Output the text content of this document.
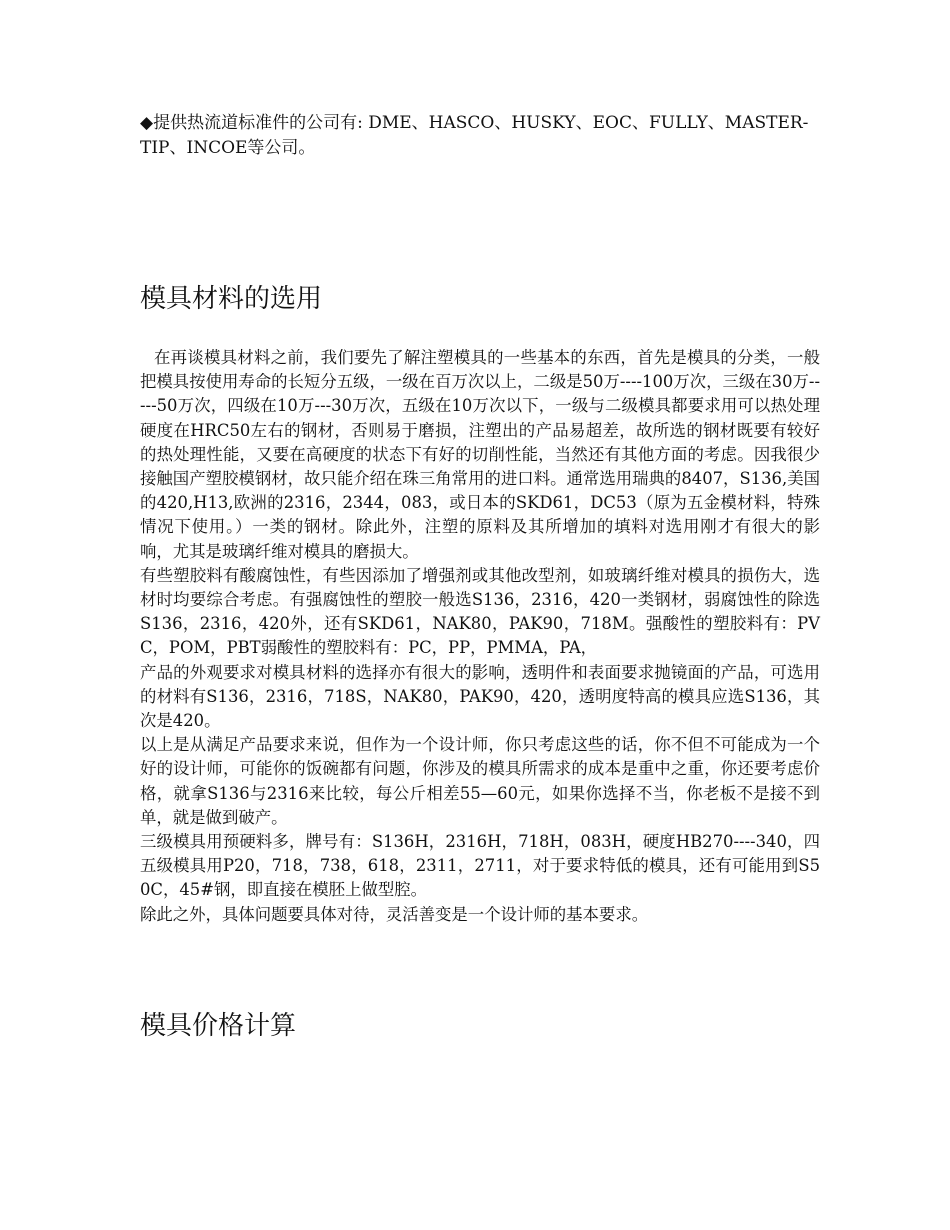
◆提供热流道标准件的公司有: DME、HASCO、HUSKY、EOC、FULLY、MASTER-TIP、INCOE等公司。

模具材料的选用

在再谈模具材料之前，我们要先了解注塑模具的一些基本的东西，首先是模具的分类，一般把模具按使用寿命的长短分五级，一级在百万次以上，二级是50万----100万次，三级在30万-----50万次，四级在10万---30万次，五级在10万次以下，一级与二级模具都要求用可以热处理硬度在HRC50左右的钢材，否则易于磨损，注塑出的产品易超差，故所选的钢材既要有较好的热处理性能，又要在高硬度的状态下有好的切削性能，当然还有其他方面的考虑。因我很少接触国产塑胶模钢材，故只能介绍在珠三角常用的进口料。通常选用瑞典的8407，S136,美国的420,H13,欧洲的2316，2344，083，或日本的SKD61，DC53（原为五金模材料，特殊情况下使用。）一类的钢材。除此外，注塑的原料及其所增加的填料对选用刚才有很大的影响，尤其是玻璃纤维对模具的磨损大。

有些塑胶料有酸腐蚀性，有些因添加了增强剂或其他改型剂，如玻璃纤维对模具的损伤大，选材时均要综合考虑。有强腐蚀性的塑胶一般选S136，2316，420一类钢材，弱腐蚀性的除选S136，2316，420外，还有SKD61，NAK80，PAK90，718M。强酸性的塑胶料有：PVC，POM，PBT弱酸性的塑胶料有：PC，PP，PMMA，PA，

产品的外观要求对模具材料的选择亦有很大的影响，透明件和表面要求抛镜面的产品，可选用的材料有S136，2316，718S，NAK80，PAK90，420，透明度特高的模具应选S136，其次是420。

以上是从满足产品要求来说，但作为一个设计师，你只考虑这些的话，你不但不可能成为一个好的设计师，可能你的饭碗都有问题，你涉及的模具所需求的成本是重中之重，你还要考虑价格，就拿S136与2316来比较，每公斤相差55—60元，如果你选择不当，你老板不是接不到单，就是做到破产。

三级模具用预硬料多，牌号有：S136H，2316H，718H，083H，硬度HB270----340，四五级模具用P20，718，738，618，2311，2711，对于要求特低的模具，还有可能用到S50C，45#钢，即直接在模胚上做型腔。

除此之外，具体问题要具体对待，灵活善变是一个设计师的基本要求。

模具价格计算
